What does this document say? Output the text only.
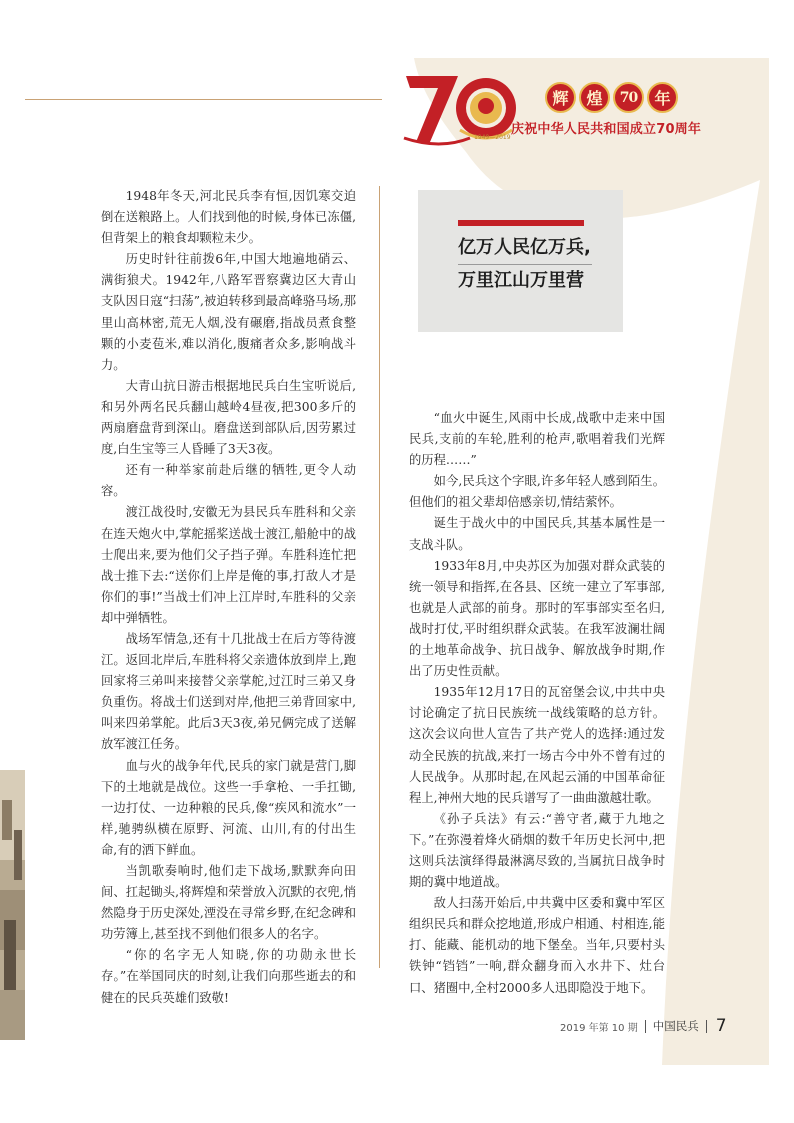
1949—2019
辉	煌	70	年
庆祝中华人民共和国成立70周年

1948年冬天,河北民兵李有恒,因饥寒交迫倒在送粮路上。人们找到他的时候,身体已冻僵,但背架上的粮食却颗粒未少。

历史时针往前拨6年,中国大地遍地硝云、满街狼犬。1942年,八路军晋察冀边区大青山支队因日寇“扫荡”,被迫转移到最高峰骆马场,那里山高林密,荒无人烟,没有碾磨,指战员煮食整颗的小麦苞米,难以消化,腹痛者众多,影响战斗力。

大青山抗日游击根据地民兵白生宝听说后,和另外两名民兵翻山越岭4昼夜,把300多斤的两扇磨盘背到深山。磨盘送到部队后,因劳累过度,白生宝等三人昏睡了3天3夜。

还有一种举家前赴后继的牺牲,更令人动容。

渡江战役时,安徽无为县民兵车胜科和父亲在连天炮火中,掌舵摇桨送战士渡江,船舱中的战士爬出来,要为他们父子挡子弹。车胜科连忙把战士推下去:“送你们上岸是俺的事,打敌人才是你们的事!”当战士们冲上江岸时,车胜科的父亲却中弹牺牲。

战场军情急,还有十几批战士在后方等待渡江。返回北岸后,车胜科将父亲遗体放到岸上,跑回家将三弟叫来接替父亲掌舵,过江时三弟又身负重伤。将战士们送到对岸,他把三弟背回家中,叫来四弟掌舵。此后3天3夜,弟兄俩完成了送解放军渡江任务。

血与火的战争年代,民兵的家门就是营门,脚下的土地就是战位。这些一手拿枪、一手扛锄,一边打仗、一边种粮的民兵,像“疾风和流水”一样,驰骋纵横在原野、河流、山川,有的付出生命,有的洒下鲜血。

当凯歌奏响时,他们走下战场,默默奔向田间、扛起锄头,将辉煌和荣誉放入沉默的衣兜,悄然隐身于历史深处,湮没在寻常乡野,在纪念碑和功劳簿上,甚至找不到他们很多人的名字。

“你的名字无人知晓,你的功勋永世长存。”在举国同庆的时刻,让我们向那些逝去的和健在的民兵英雄们致敬!

亿万人民亿万兵,
万里江山万里营

“血火中诞生,风雨中长成,战歌中走来中国民兵,支前的车轮,胜利的枪声,歌唱着我们光辉的历程……”

如今,民兵这个字眼,许多年轻人感到陌生。但他们的祖父辈却倍感亲切,情结萦怀。

诞生于战火中的中国民兵,其基本属性是一支战斗队。

1933年8月,中央苏区为加强对群众武装的统一领导和指挥,在各县、区统一建立了军事部,也就是人武部的前身。那时的军事部实至名归,战时打仗,平时组织群众武装。在我军波澜壮阔的土地革命战争、抗日战争、解放战争时期,作出了历史性贡献。

1935年12月17日的瓦窑堡会议,中共中央讨论确定了抗日民族统一战线策略的总方针。这次会议向世人宣告了共产党人的选择:通过发动全民族的抗战,来打一场古今中外不曾有过的人民战争。从那时起,在风起云涌的中国革命征程上,神州大地的民兵谱写了一曲曲激越壮歌。

《孙子兵法》有云:“善守者,藏于九地之下。”在弥漫着烽火硝烟的数千年历史长河中,把这则兵法演绎得最淋漓尽致的,当属抗日战争时期的冀中地道战。

敌人扫荡开始后,中共冀中区委和冀中军区组织民兵和群众挖地道,形成户相通、村相连,能打、能藏、能机动的地下堡垒。当年,只要村头铁钟“铛铛”一响,群众翻身而入水井下、灶台口、猪圈中,全村2000多人迅即隐没于地下。

2019 年第 10 期 中国民兵 7
